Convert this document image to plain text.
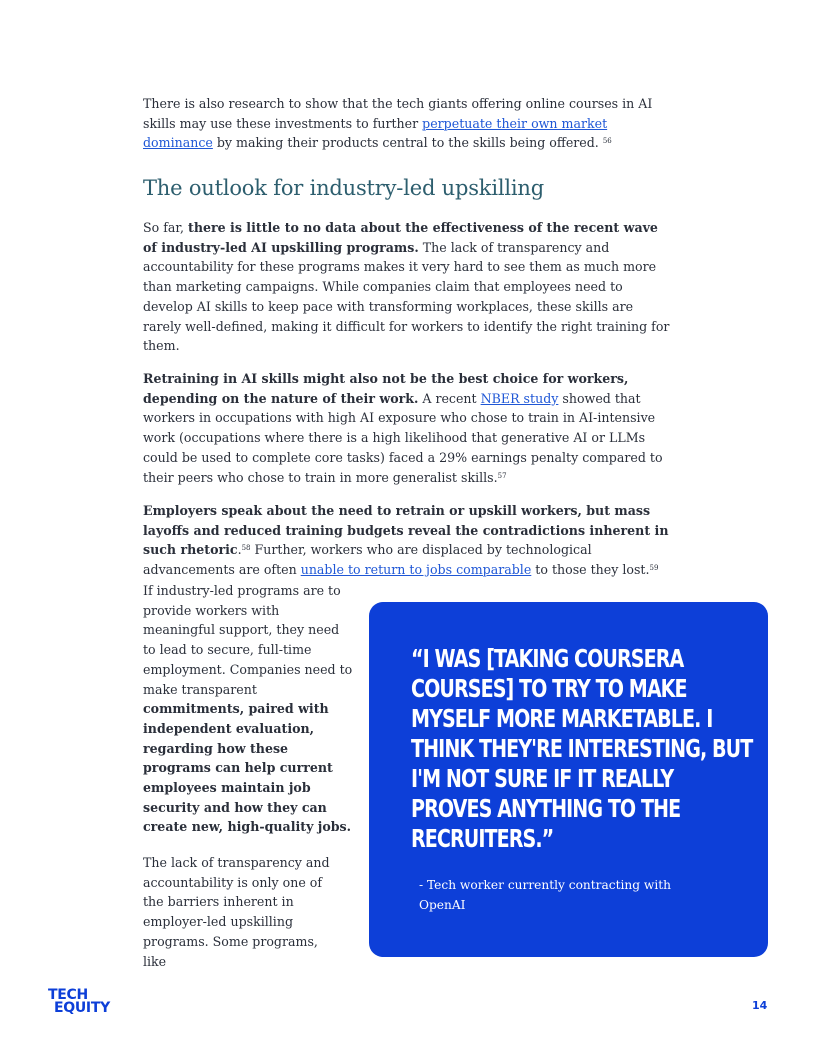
There is also research to show that the tech giants offering online courses in AI skills may use these investments to further perpetuate their own market dominance by making their products central to the skills being offered. $^{56}$

The outlook for industry-led upskilling

So far, there is little to no data about the effectiveness of the recent wave of industry-led AI upskilling programs. The lack of transparency and accountability for these programs makes it very hard to see them as much more than marketing campaigns. While companies claim that employees need to develop AI skills to keep pace with transforming workplaces, these skills are rarely well-defined, making it difficult for workers to identify the right training for them.

Retraining in AI skills might also not be the best choice for workers, depending on the nature of their work. A recent NBER study showed that workers in occupations with high AI exposure who chose to train in AI-intensive work (occupations where there is a high likelihood that generative AI or LLMs could be used to complete core tasks) faced a 29% earnings penalty compared to their peers who chose to train in more generalist skills.$^{57}$

Employers speak about the need to retrain or upskill workers, but mass layoffs and reduced training budgets reveal the contradictions inherent in such rhetoric.$^{58}$ Further, workers who are displaced by technological advancements are often unable to return to jobs comparable to those they lost.$^{59}$

If industry-led programs are to provide workers with meaningful support, they need to lead to secure, full-time employment. Companies need to make transparent commitments, paired with independent evaluation, regarding how these programs can help current employees maintain job security and how they can create new, high-quality jobs.

The lack of transparency and accountability is only one of the barriers inherent in employer-led upskilling programs. Some programs, like

“I WAS [TAKING COURSERA COURSES] TO TRY TO MAKE MYSELF MORE MARKETABLE. I THINK THEY'RE INTERESTING, BUT I'M NOT SURE IF IT REALLY PROVES ANYTHING TO THE RECRUITERS.”

- Tech worker currently contracting with OpenAI

TECH
EQUITY	14
